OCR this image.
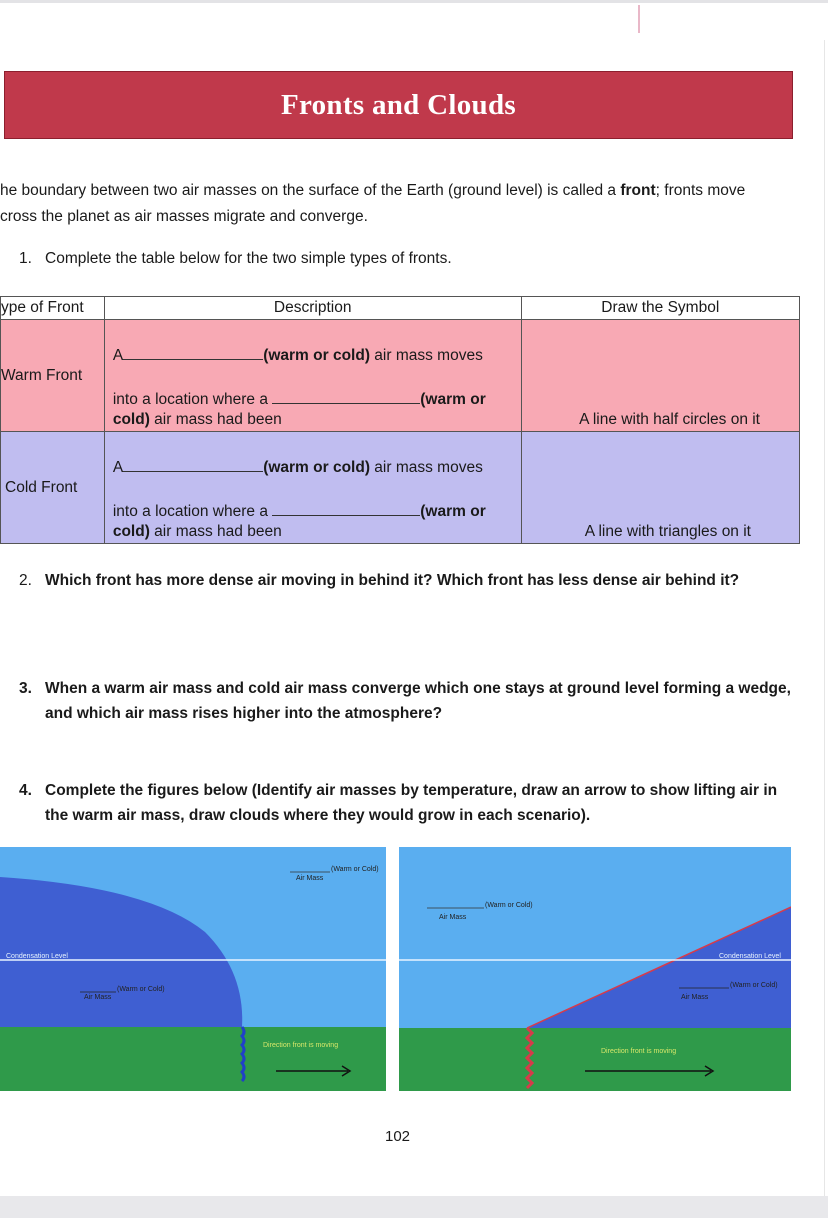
Fronts and Clouds
he boundary between two air masses on the surface of the Earth (ground level) is called a front; fronts move
cross the planet as air masses migrate and converge.
1. Complete the table below for the two simple types of fronts.
ype of Front	Description	Draw the Symbol
Warm Front	A (warm or cold) air mass moves
into a location where a (warm or
cold) air mass had been	A line with half circles on it

Cold Front	A (warm or cold) air mass moves
into a location where a (warm or
cold) air mass had been	A line with triangles on it
2. Which front has more dense air moving in behind it? Which front has less dense air behind it?
3. When a warm air mass and cold air mass converge which one stays at ground level forming a wedge,
and which air mass rises higher into the atmosphere?
4. Complete the figures below (Identify air masses by temperature, draw an arrow to show lifting air in
the warm air mass, draw clouds where they would grow in each scenario).
(Warm or Cold)
Air Mass
Condensation Level
(Warm or Cold)
Air Mass
Direction front is moving
(Warm or Cold)
Air Mass
Condensation Level
(Warm or Cold)
Air Mass
Direction front is moving
102
